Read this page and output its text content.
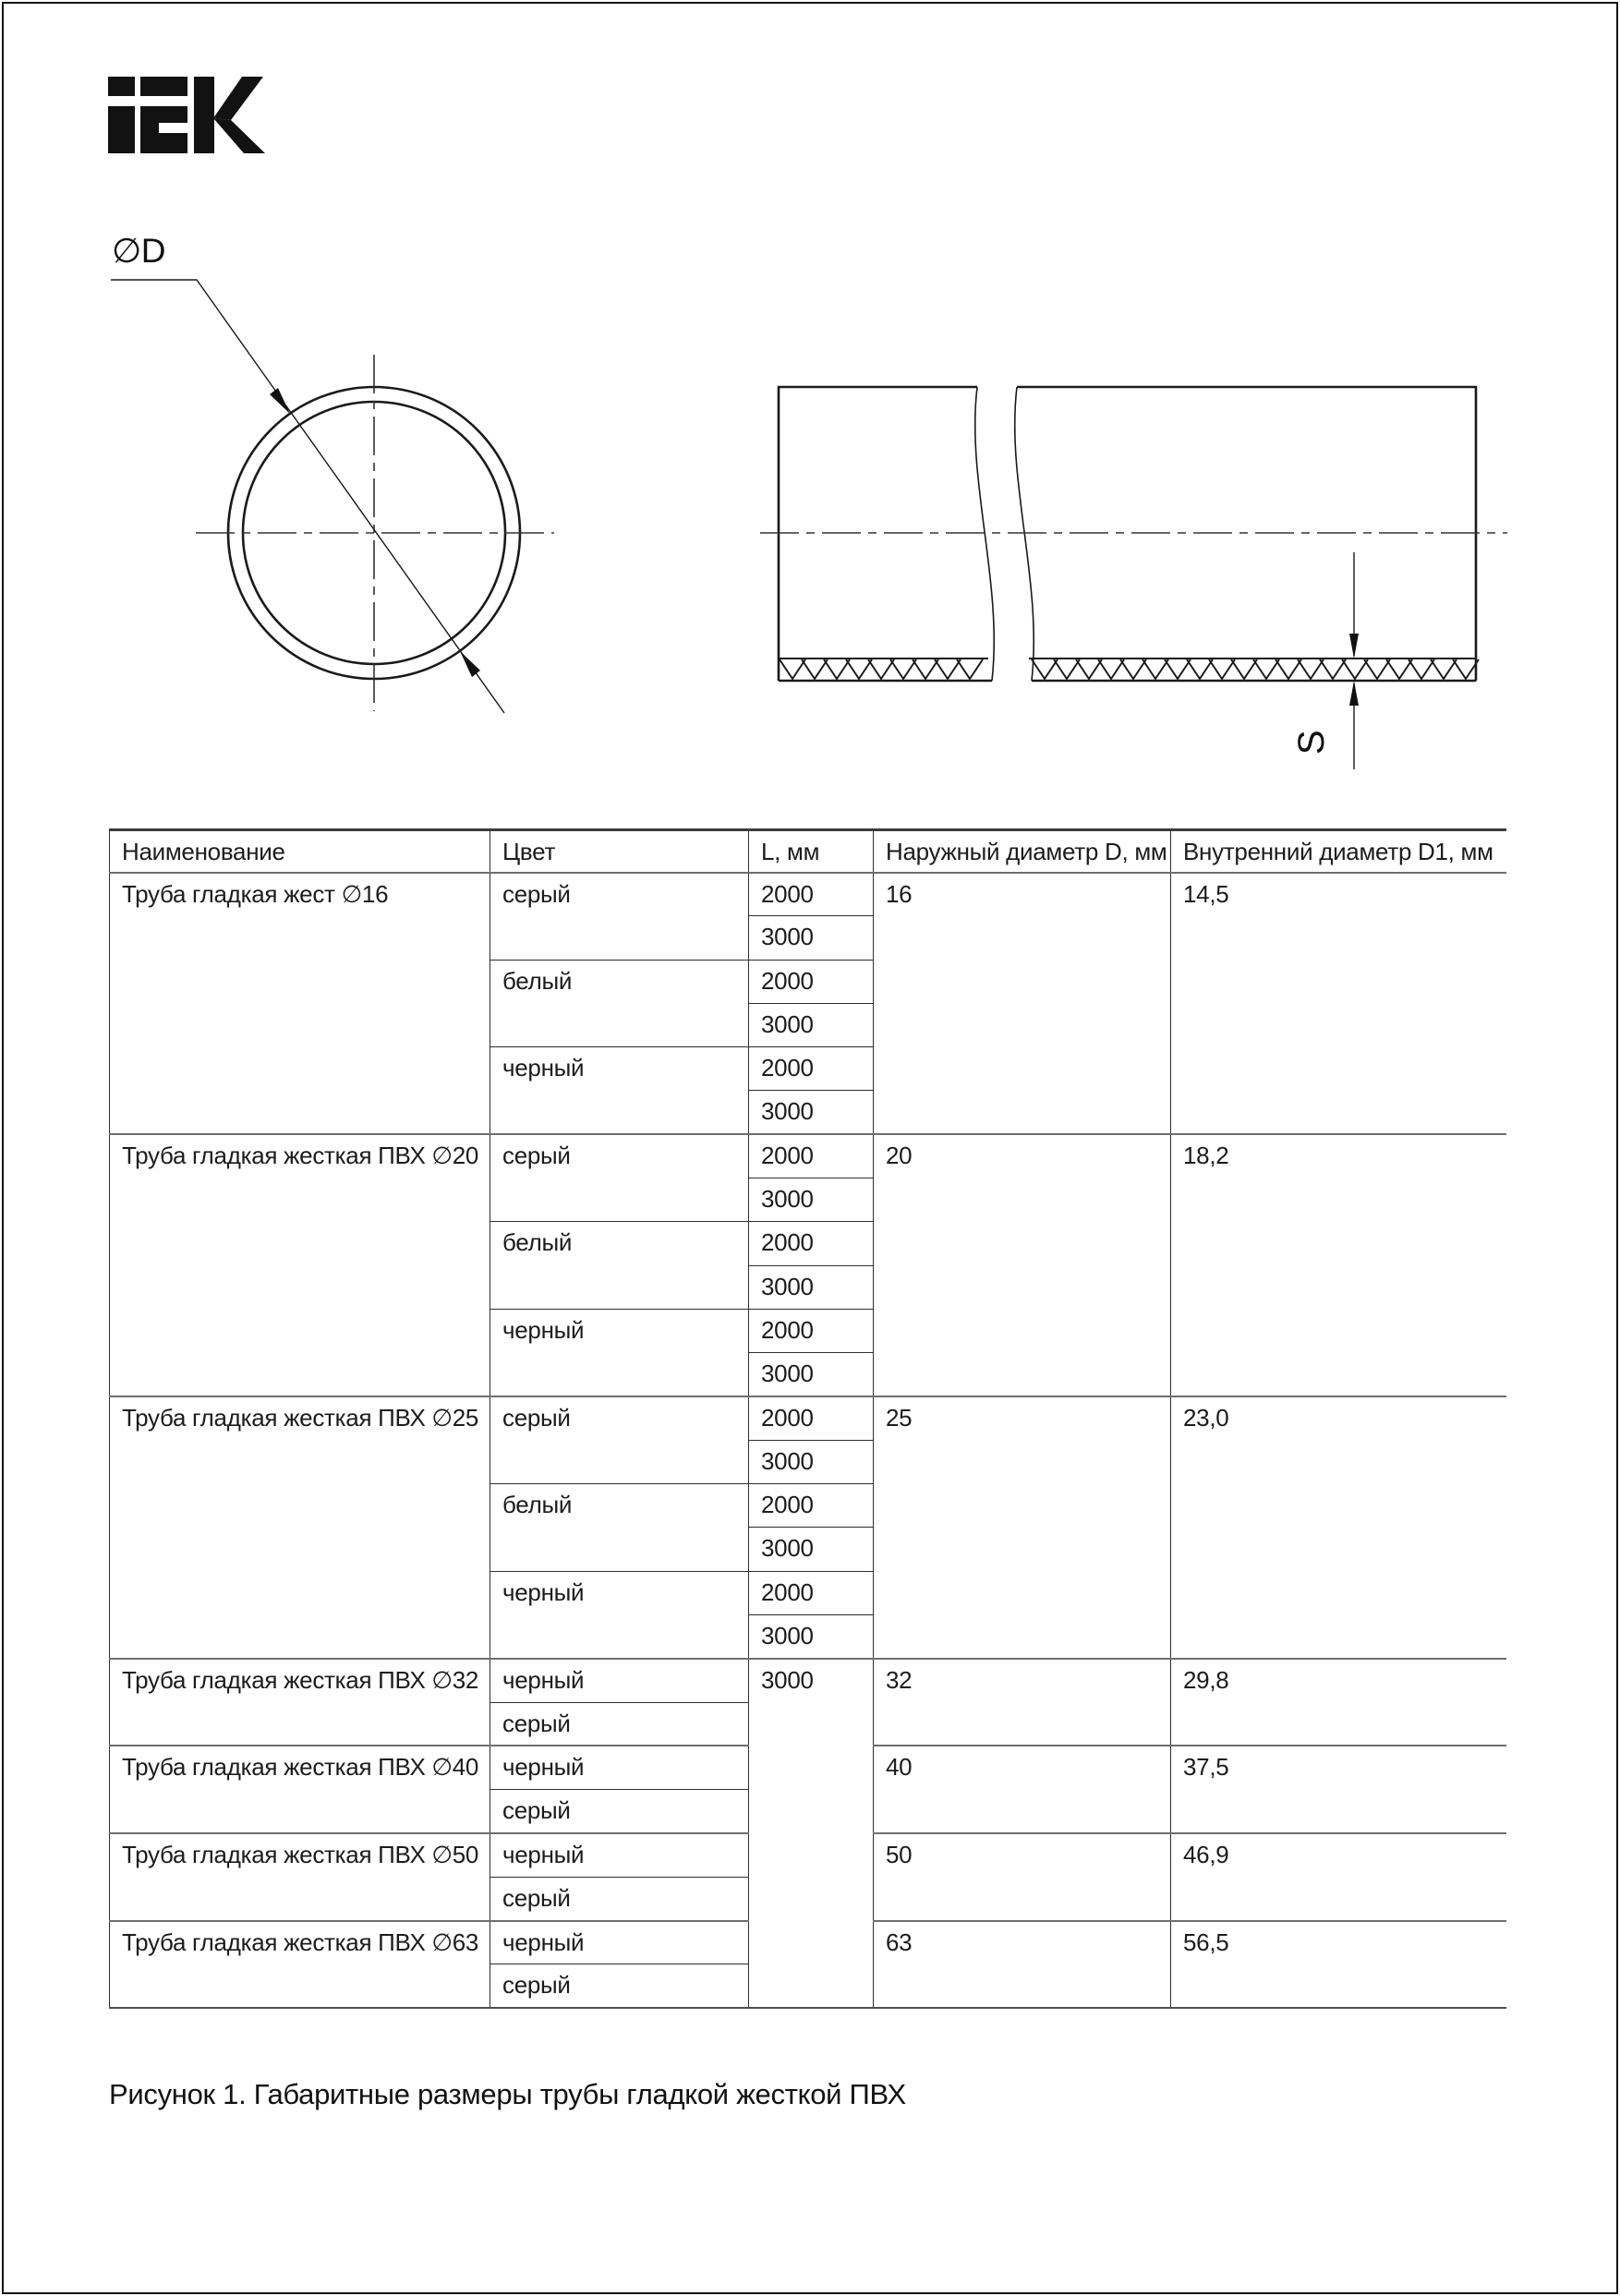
∅D
S
Наименование	Цвет	L, мм	Наружный диаметр D, мм	Внутренний диаметр D1, мм
Труба гладкая жест ∅16	серый	2000	16	14,5
		3000		
	белый	2000		
		3000		
	черный	2000		
		3000		
Труба гладкая жесткая ПВХ ∅20	серый	2000	20	18,2
		3000		
	белый	2000		
		3000		
	черный	2000		
		3000		
Труба гладкая жесткая ПВХ ∅25	серый	2000	25	23,0
		3000		
	белый	2000		
		3000		
	черный	2000		
		3000		
Труба гладкая жесткая ПВХ ∅32	черный	3000	32	29,8
	серый			
Труба гладкая жесткая ПВХ ∅40	черный		40	37,5
	серый			
Труба гладкая жесткая ПВХ ∅50	черный		50	46,9
	серый			
Труба гладкая жесткая ПВХ ∅63	черный		63	56,5
	серый			
Рисунок 1. Габаритные размеры трубы гладкой жесткой ПВХ
